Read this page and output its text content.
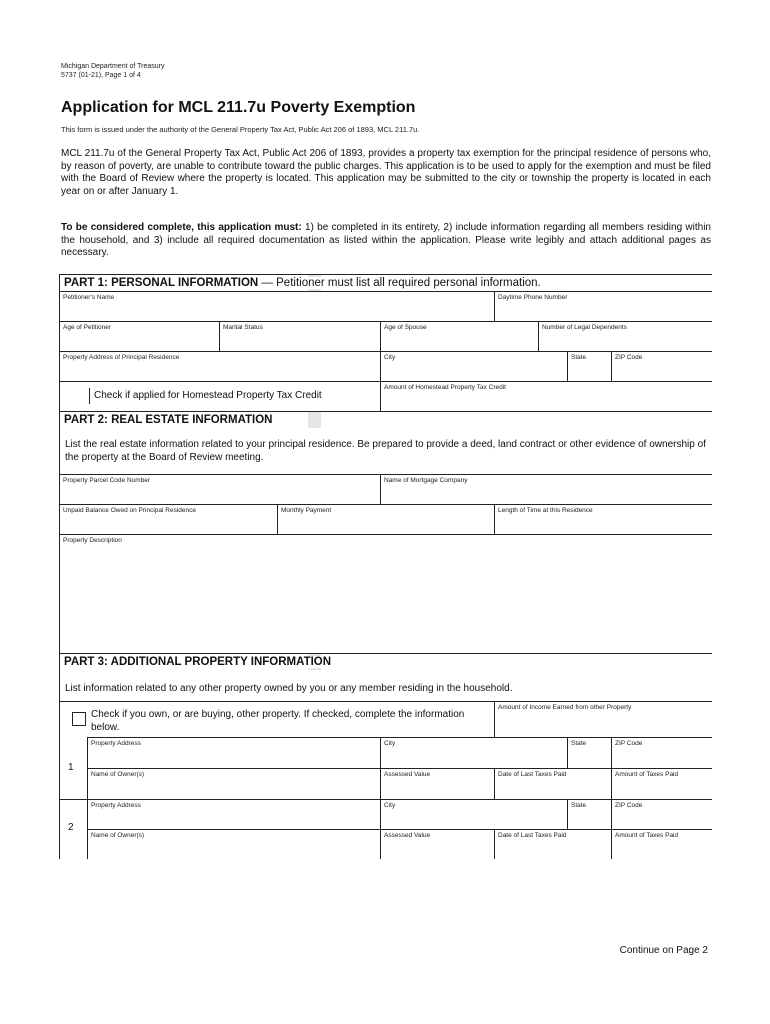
Michigan Department of Treasury
5737 (01-21), Page 1 of 4
Application for MCL 211.7u Poverty Exemption
This form is issued under the authority of the General Property Tax Act, Public Act 206 of 1893, MCL 211.7u.

MCL 211.7u of the General Property Tax Act, Public Act 206 of 1893, provides a property tax exemption for the principal residence of persons who, by reason of poverty, are unable to contribute toward the public charges. This application is to be used to apply for the exemption and must be filed with the Board of Review where the property is located. This application may be submitted to the city or township the property is located in each year on or after January 1.

To be considered complete, this application must: 1) be completed in its entirety, 2) include information regarding all members residing within the household, and 3) include all required documentation as listed within the application. Please write legibly and attach additional pages as necessary.

PART 1: PERSONAL INFORMATION — Petitioner must list all required personal information.
Petitioner's Name	Daytime Phone Number
Age of Petitioner	Marital Status	Age of Spouse	Number of Legal Dependents
Property Address of Principal Residence	City	State	ZIP Code
Check if applied for Homestead Property Tax Credit
Amount of Homestead Property Tax Credit
PART 2: REAL ESTATE INFORMATION
List the real estate information related to your principal residence. Be prepared to provide a deed, land contract or other evidence of ownership of the property at the Board of Review meeting.
Property Parcel Code Number	Name of Mortgage Company
Unpaid Balance Owed on Principal Residence	Monthly Payment	Length of Time at this Residence
Property Description
PART 3: ADDITIONAL PROPERTY INFORMATION
List information related to any other property owned by you or any member residing in the household.
Check if you own, or are buying, other property. If checked, complete the information below.
Amount of Income Earned from other Property
1
Property Address	City	State	ZIP Code
Name of Owner(s)	Assessed Value	Date of Last Taxes Paid	Amount of Taxes Paid
2
Property Address	City	State	ZIP Code
Name of Owner(s)	Assessed Value	Date of Last Taxes Paid	Amount of Taxes Paid
Continue on Page 2
